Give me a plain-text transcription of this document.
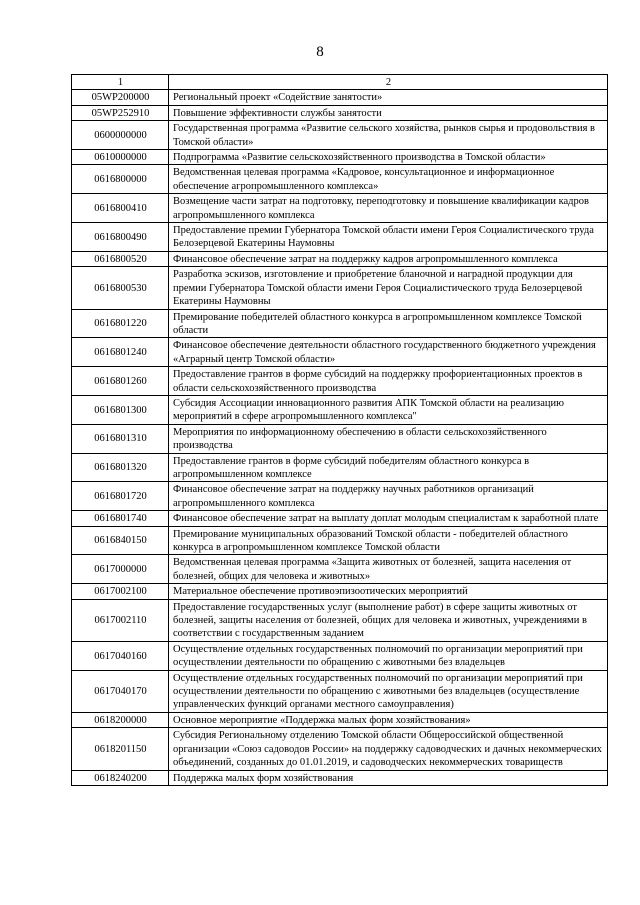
8
1	2
05WP200000	Региональный проект «Содействие занятости»
05WP252910	Повышение эффективности службы занятости
0600000000	Государственная программа «Развитие сельского хозяйства, рынков сырья и продовольствия в Томской области»
0610000000	Подпрограмма «Развитие сельскохозяйственного производства в Томской области»
0616800000	Ведомственная целевая программа «Кадровое, консультационное и информационное обеспечение агропромышленного комплекса»
0616800410	Возмещение части затрат на подготовку, переподготовку и повышение квалификации кадров агропромышленного комплекса
0616800490	Предоставление премии Губернатора Томской области имени Героя Социалистического труда Белозерцевой Екатерины Наумовны
0616800520	Финансовое обеспечение затрат на поддержку кадров агропромышленного комплекса
0616800530	Разработка эскизов, изготовление и приобретение бланочной и наградной продукции для премии Губернатора Томской области имени Героя Социалистического труда Белозерцевой Екатерины Наумовны
0616801220	Премирование победителей областного конкурса в агропромышленном комплексе Томской области
0616801240	Финансовое обеспечение деятельности областного государственного бюджетного учреждения «Аграрный центр Томской области»
0616801260	Предоставление грантов в форме субсидий на поддержку профориентационных проектов в области сельскохозяйственного производства
0616801300	Субсидия Ассоциации инновационного развития АПК Томской области на реализацию мероприятий в сфере агропромышленного комплекса"
0616801310	Мероприятия по информационному обеспечению в области сельскохозяйственного производства
0616801320	Предоставление грантов в форме субсидий победителям областного конкурса в агропромышленном комплексе
0616801720	Финансовое обеспечение затрат на поддержку научных работников организаций агропромышленного комплекса
0616801740	Финансовое обеспечение затрат на выплату доплат молодым специалистам к заработной плате
0616840150	Премирование муниципальных образований Томской области - победителей областного конкурса в агропромышленном комплексе Томской области
0617000000	Ведомственная целевая программа «Защита животных от болезней, защита населения от болезней, общих для человека и животных»
0617002100	Материальное обеспечение противоэпизоотических мероприятий
0617002110	Предоставление государственных услуг (выполнение работ) в сфере защиты животных от болезней, защиты населения от болезней, общих для человека и животных, учреждениями в соответствии с государственным заданием
0617040160	Осуществление отдельных государственных полномочий по организации мероприятий при осуществлении деятельности по обращению с животными без владельцев
0617040170	Осуществление отдельных государственных полномочий по организации мероприятий при осуществлении деятельности по обращению с животными без владельцев (осуществление управленческих функций органами местного самоуправления)
0618200000	Основное мероприятие «Поддержка малых форм хозяйствования»
0618201150	Субсидия Региональному отделению Томской области Общероссийской общественной организации «Союз садоводов России» на поддержку садоводческих и дачных некоммерческих объединений, созданных до 01.01.2019, и садоводческих некоммерческих товариществ
0618240200	Поддержка малых форм хозяйствования
